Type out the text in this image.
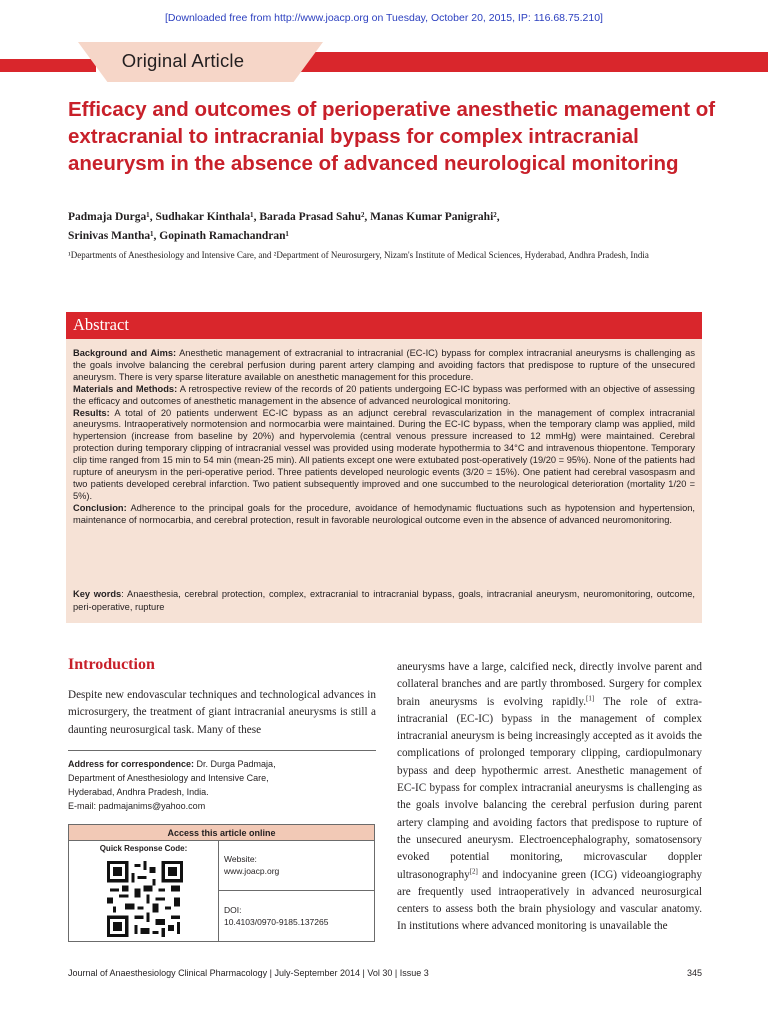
[Downloaded free from http://www.joacp.org on Tuesday, October 20, 2015, IP: 116.68.75.210]
Original Article
Efficacy and outcomes of perioperative anesthetic management of extracranial to intracranial bypass for complex intracranial aneurysm in the absence of advanced neurological monitoring
Padmaja Durga¹, Sudhakar Kinthala¹, Barada Prasad Sahu², Manas Kumar Panigrahi²,
Srinivas Mantha¹, Gopinath Ramachandran¹
¹Departments of Anesthesiology and Intensive Care, and ²Department of Neurosurgery, Nizam's Institute of Medical Sciences, Hyderabad, Andhra Pradesh, India
Abstract
Background and Aims: Anesthetic management of extracranial to intracranial (EC-IC) bypass for complex intracranial aneurysms is challenging as the goals involve balancing the cerebral perfusion during parent artery clamping and avoiding factors that predispose to rupture of the unsecured aneurysm. There is very sparse literature available on anesthetic management for this procedure.
Materials and Methods: A retrospective review of the records of 20 patients undergoing EC-IC bypass was performed with an objective of assessing the efficacy and outcomes of anesthetic management in the absence of advanced neurological monitoring.
Results: A total of 20 patients underwent EC-IC bypass as an adjunct cerebral revascularization in the management of complex intracranial aneurysms. Intraoperatively normotension and normocarbia were maintained. During the EC-IC bypass, when the temporary clamp was applied, mild hypertension (increase from baseline by 20%) and hypervolemia (central venous pressure increased to 12 mmHg) were maintained. Cerebral protection during temporary clipping of intracranial vessel was provided using moderate hypothermia to 34°C and intravenous thiopentone. Temporary clip time ranged from 15 min to 54 min (mean-25 min). All patients except one were extubated post-operatively (19/20 = 95%). None of the patients had rupture of aneurysm in the peri-operative period. Three patients developed neurologic events (3/20 = 15%). One patient had cerebral vasospasm and two patients developed cerebral infarction. Two patient subsequently improved and one succumbed to the neurological deterioration (mortality 1/20 = 5%).
Conclusion: Adherence to the principal goals for the procedure, avoidance of hemodynamic fluctuations such as hypotension and hypertension, maintenance of normocarbia, and cerebral protection, result in favorable neurological outcome even in the absence of advanced neuromonitoring.
Key words: Anaesthesia, cerebral protection, complex, extracranial to intracranial bypass, goals, intracranial aneurysm, neuromonitoring, outcome, peri-operative, rupture
Introduction

Despite new endovascular techniques and technological advances in microsurgery, the treatment of giant intracranial aneurysms is still a daunting neurosurgical task. Many of these

Address for correspondence: Dr. Durga Padmaja,
Department of Anesthesiology and Intensive Care,
Hyderabad, Andhra Pradesh, India.
E-mail: padmajanims@yahoo.com
Access this article online
Quick Response Code:
Website:
www.joacp.org
DOI:
10.4103/0970-9185.137265

aneurysms have a large, calcified neck, directly involve parent and collateral branches and are partly thrombosed. Surgery for complex brain aneurysms is evolving rapidly.[1] The role of extra- intracranial (EC-IC) bypass in the management of complex intracranial aneurysm is being increasingly accepted as it avoids the complications of prolonged temporary clipping, cardiopulmonary bypass and deep hypothermic arrest. Anesthetic management of EC-IC bypass for complex intracranial aneurysms is challenging as the goals involve balancing the cerebral perfusion during parent artery clamping and avoiding factors that predispose to rupture of the unsecured aneurysm. Electroencephalography, somatosensory evoked potential monitoring, microvascular doppler ultrasonography[2] and indocyanine green (ICG) videoangiography are frequently used intraoperatively in advanced neurosurgical centers to assess both the brain physiology and vascular anatomy. In institutions where advanced monitoring is unavailable the

Journal of Anaesthesiology Clinical Pharmacology | July-September 2014 | Vol 30 | Issue 3	345
